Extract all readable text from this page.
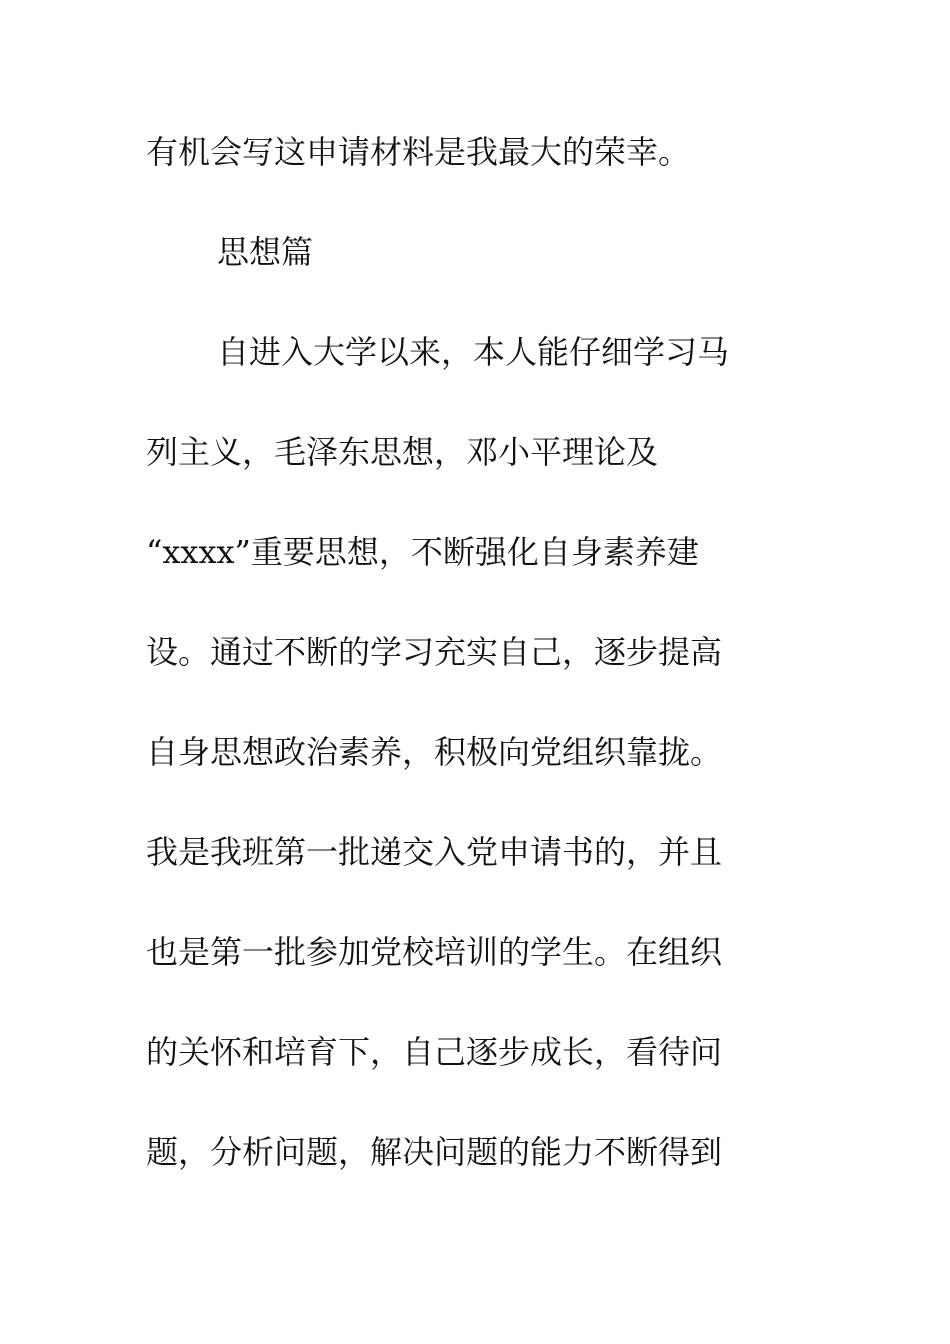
有机会写这申请材料是我最大的荣幸。
思想篇
自进入大学以来，本人能仔细学习马
列主义，毛泽东思想，邓小平理论及
“xxxx”重要思想，不断强化自身素养建
设。通过不断的学习充实自己，逐步提高
自身思想政治素养，积极向党组织靠拢。
我是我班第一批递交入党申请书的，并且
也是第一批参加党校培训的学生。在组织
的关怀和培育下，自己逐步成长，看待问
题，分析问题，解决问题的能力不断得到
